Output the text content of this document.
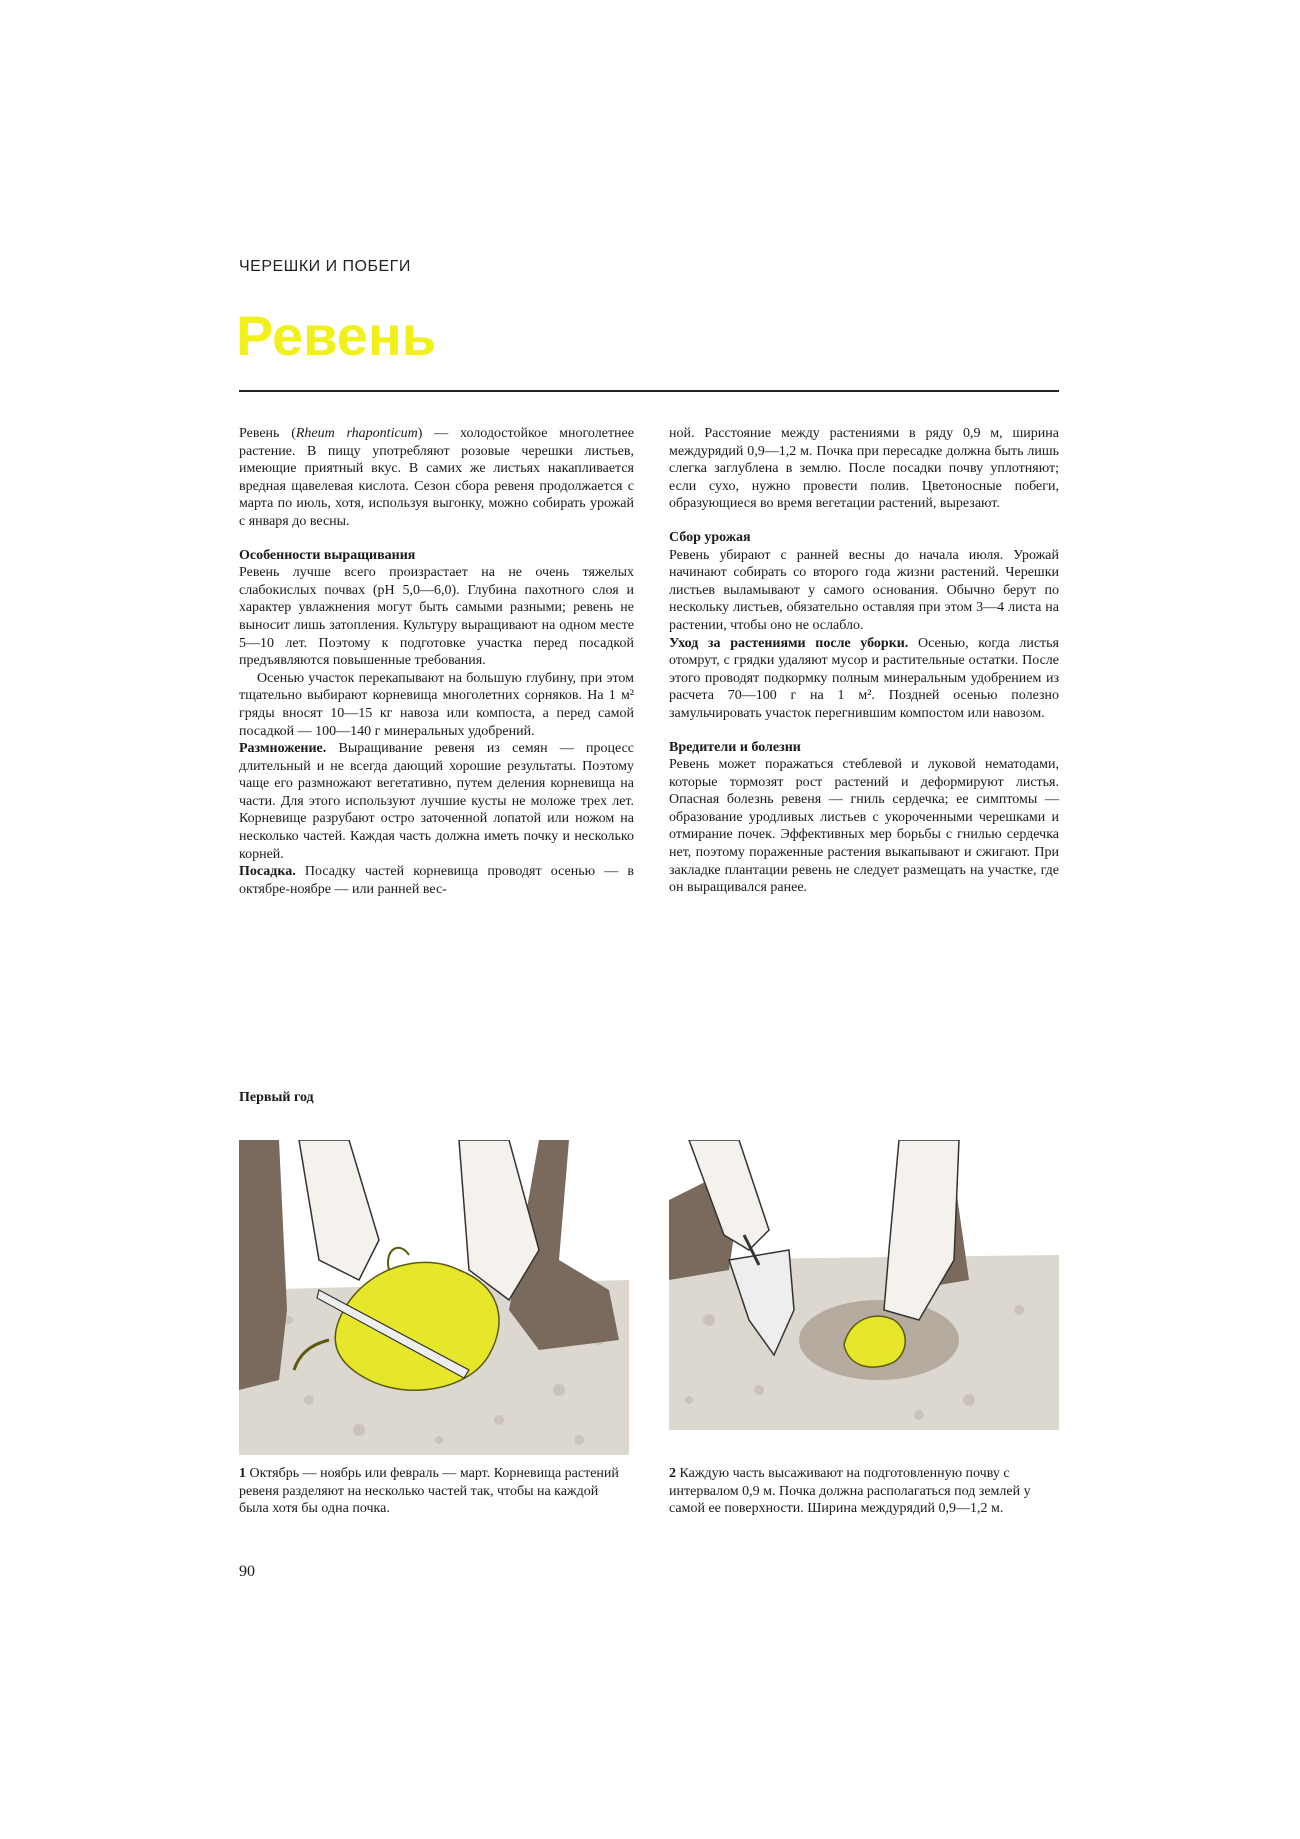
ЧЕРЕШКИ И ПОБЕГИ
Ревень

Ревень (Rheum rhaponticum) — холодостойкое многолетнее растение. В пищу употребляют розовые черешки листьев, имеющие приятный вкус. В самих же листьях накапливается вредная щавелевая кислота. Сезон сбора ревеня продолжается с марта по июль, хотя, используя выгонку, можно собирать урожай с января до весны.

Особенности выращивания

Ревень лучше всего произрастает на не очень тяжелых слабокислых почвах (рН 5,0—6,0). Глубина пахотного слоя и характер увлажнения могут быть самыми разными; ревень не выносит лишь затопления. Культуру выращивают на одном месте 5—10 лет. Поэтому к подготовке участка перед посадкой предъявляются повышенные требования.

Осенью участок перекапывают на большую глубину, при этом тщательно выбирают корневища многолетних сорняков. На 1 м² гряды вносят 10—15 кг навоза или компоста, а перед самой посадкой — 100—140 г минеральных удобрений.

Размножение. Выращивание ревеня из семян — процесс длительный и не всегда дающий хорошие результаты. Поэтому чаще его размножают вегетативно, путем деления корневища на части. Для этого используют лучшие кусты не моложе трех лет. Корневище разрубают остро заточенной лопатой или ножом на несколько частей. Каждая часть должна иметь почку и несколько корней.

Посадка. Посадку частей корневища проводят осенью — в октябре-ноябре — или ранней вес-

ной. Расстояние между растениями в ряду 0,9 м, ширина междурядий 0,9—1,2 м. Почка при пересадке должна быть лишь слегка заглублена в землю. После посадки почву уплотняют; если сухо, нужно провести полив. Цветоносные побеги, образующиеся во время вегетации растений, вырезают.

Сбор урожая

Ревень убирают с ранней весны до начала июля. Урожай начинают собирать со второго года жизни растений. Черешки листьев выламывают у самого основания. Обычно берут по нескольку листьев, обязательно оставляя при этом 3—4 листа на растении, чтобы оно не ослабло.

Уход за растениями после уборки. Осенью, когда листья отомрут, с грядки удаляют мусор и растительные остатки. После этого проводят подкормку полным минеральным удобрением из расчета 70—100 г на 1 м². Поздней осенью полезно замульчировать участок перегнившим компостом или навозом.

Вредители и болезни

Ревень может поражаться стеблевой и луковой нематодами, которые тормозят рост растений и деформируют листья. Опасная болезнь ревеня — гниль сердечка; ее симптомы — образование уродливых листьев с укороченными черешками и отмирание почек. Эффективных мер борьбы с гнилью сердечка нет, поэтому пораженные растения выкапывают и сжигают. При закладке плантации ревень не следует размещать на участке, где он выращивался ранее.

Первый год
1 Октябрь — ноябрь или февраль — март. Корневища растений ревеня разделяют на несколько частей так, чтобы на каждой была хотя бы одна почка.
2 Каждую часть высаживают на подготовленную почву с интервалом 0,9 м. Почка должна располагаться под землей у самой ее поверхности. Ширина междурядий 0,9—1,2 м.
90
